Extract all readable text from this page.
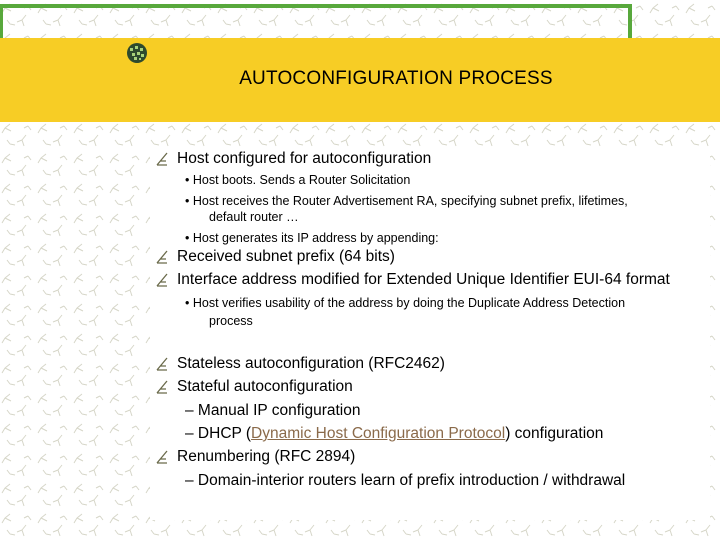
AUTOCONFIGURATION PROCESS
Host configured for autoconfiguration
• Host boots. Sends a Router Solicitation
• Host receives the Router Advertisement RA, specifying subnet prefix, lifetimes,
default router …
• Host generates its IP address by appending:
Received subnet prefix (64 bits)
Interface address modified for Extended Unique Identifier EUI-64 format
• Host verifies usability of the address by doing the Duplicate Address Detection
process
Stateless autoconfiguration (RFC2462)
Stateful autoconfiguration
– Manual IP configuration
– DHCP (Dynamic Host Configuration Protocol) configuration
Renumbering (RFC 2894)
– Domain-interior routers learn of prefix introduction / withdrawal
